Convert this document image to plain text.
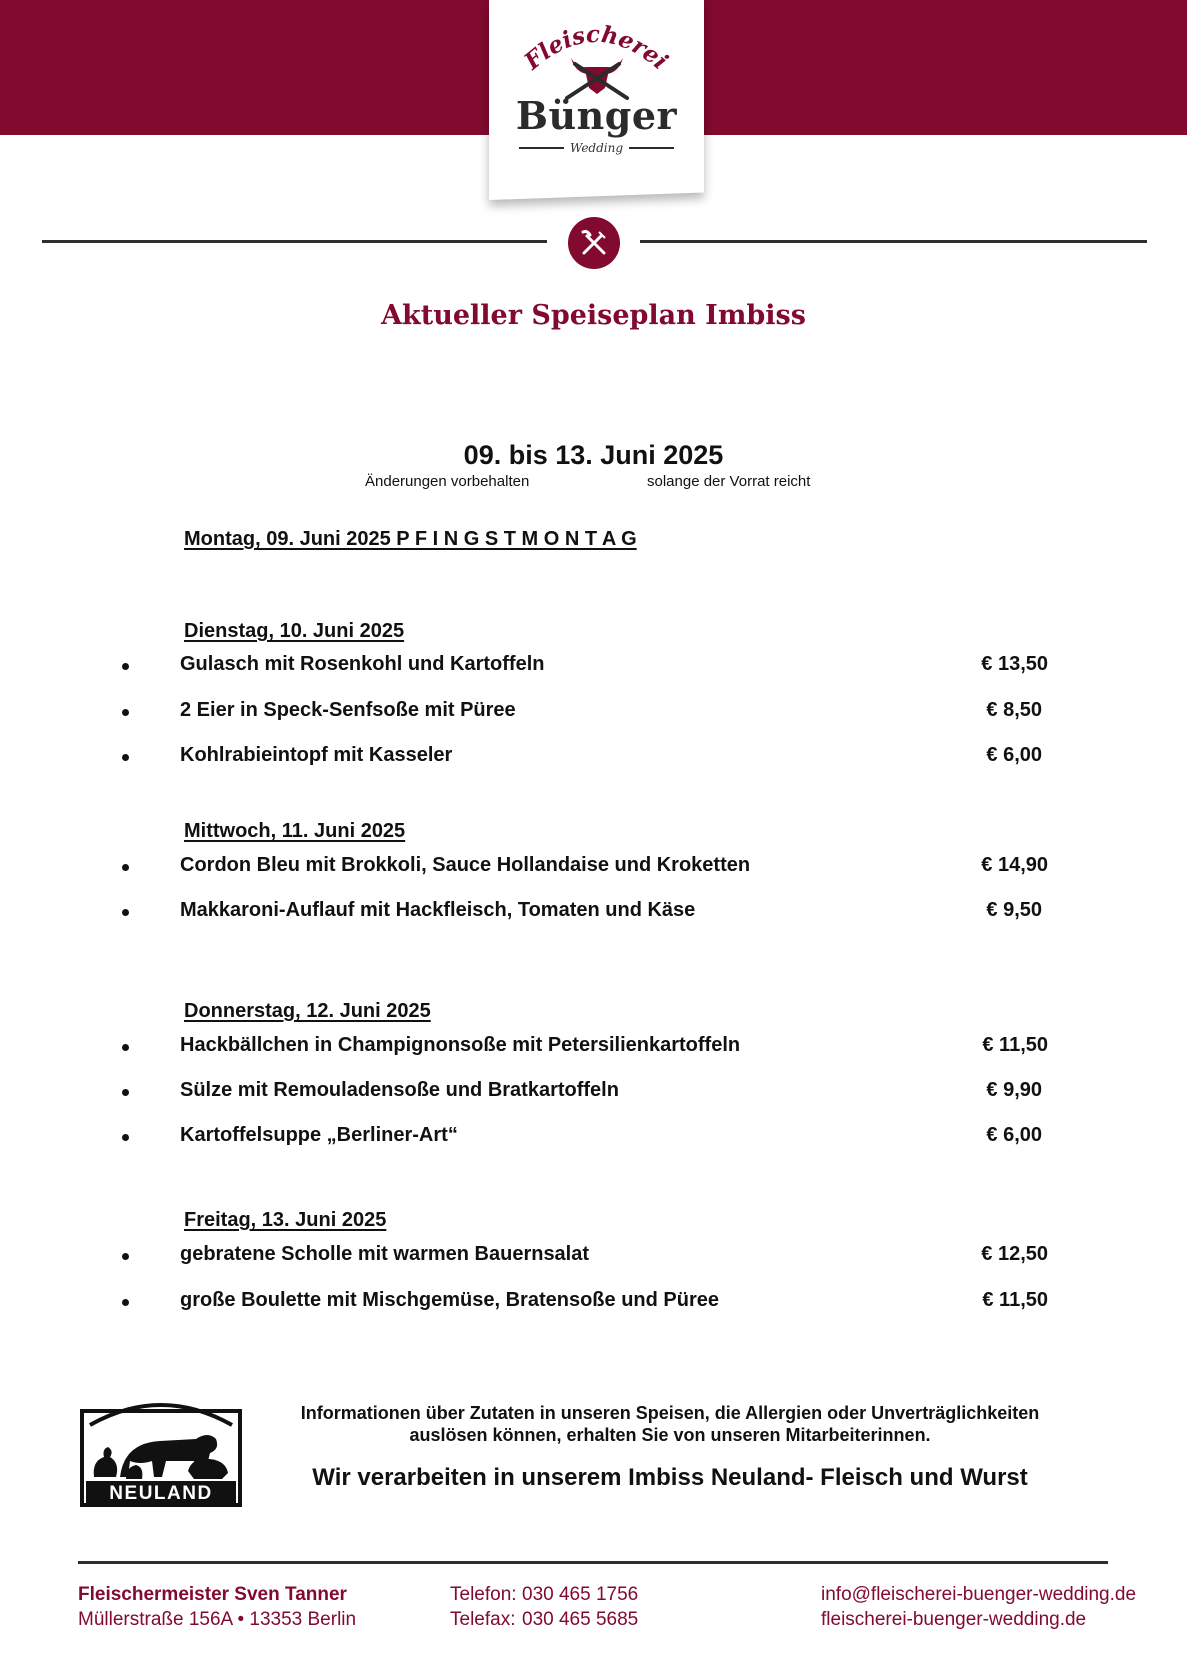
Fleischerei
Bünger
Wedding
Aktueller Speiseplan Imbiss
09. bis 13. Juni 2025
Änderungen vorbehalten	solange der Vorrat reicht
Montag, 09. Juni 2025 P F I N G S T M O N T A G
Dienstag, 10. Juni 2025
Gulasch mit Rosenkohl und Kartoffeln	€ 13,50
2 Eier in Speck-Senfsoße mit Püree	€ 8,50
Kohlrabieintopf mit Kasseler	€ 6,00
Mittwoch, 11. Juni 2025
Cordon Bleu mit Brokkoli, Sauce Hollandaise und Kroketten	€ 14,90
Makkaroni-Auflauf mit Hackfleisch, Tomaten und Käse	€ 9,50
Donnerstag, 12. Juni 2025
Hackbällchen in Champignonsoße mit Petersilienkartoffeln	€ 11,50
Sülze mit Remouladensoße und Bratkartoffeln	€ 9,90
Kartoffelsuppe „Berliner-Art“	€ 6,00
Freitag, 13. Juni 2025
gebratene Scholle mit warmen Bauernsalat	€ 12,50
große Boulette mit Mischgemüse, Bratensoße und Püree	€ 11,50
NEULAND
Informationen über Zutaten in unseren Speisen, die Allergien oder Unverträglichkeiten
auslösen können, erhalten Sie von unseren Mitarbeiterinnen.
Wir verarbeiten in unserem Imbiss Neuland- Fleisch und Wurst
Fleischermeister Sven Tanner
Müllerstraße 156A • 13353 Berlin
Telefon: 030 465 1756
Telefax: 030 465 5685
info@fleischerei-buenger-wedding.de
fleischerei-buenger-wedding.de
